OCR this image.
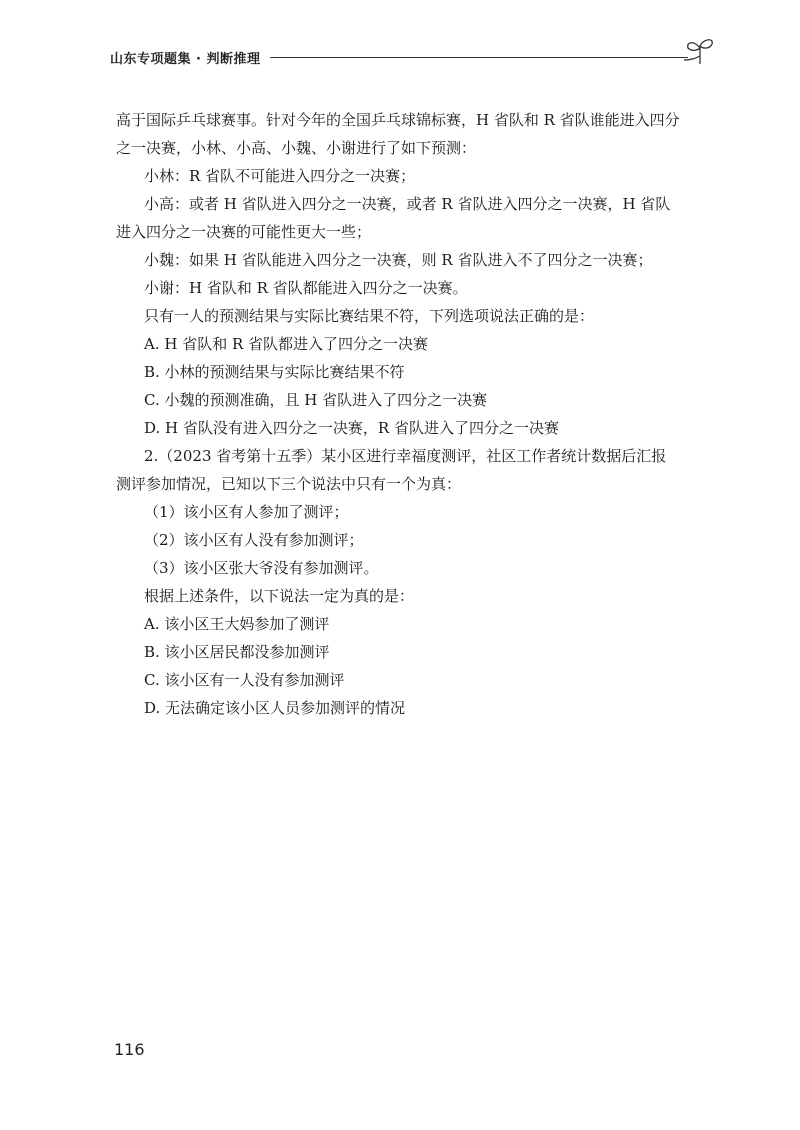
山东专项题集 · 判断推理

高于国际乒乓球赛事。针对今年的全国乒乓球锦标赛，H 省队和 R 省队谁能进入四分

之一决赛，小林、小高、小魏、小谢进行了如下预测：

小林：R 省队不可能进入四分之一决赛；

小高：或者 H 省队进入四分之一决赛，或者 R 省队进入四分之一决赛，H 省队

进入四分之一决赛的可能性更大一些；

小魏：如果 H 省队能进入四分之一决赛，则 R 省队进入不了四分之一决赛；

小谢：H 省队和 R 省队都能进入四分之一决赛。

只有一人的预测结果与实际比赛结果不符，下列选项说法正确的是：

A. H 省队和 R 省队都进入了四分之一决赛

B. 小林的预测结果与实际比赛结果不符

C. 小魏的预测准确，且 H 省队进入了四分之一决赛

D. H 省队没有进入四分之一决赛，R 省队进入了四分之一决赛

2.（2023 省考第十五季）某小区进行幸福度测评，社区工作者统计数据后汇报

测评参加情况，已知以下三个说法中只有一个为真：

（1）该小区有人参加了测评；

（2）该小区有人没有参加测评；

（3）该小区张大爷没有参加测评。

根据上述条件，以下说法一定为真的是：

A. 该小区王大妈参加了测评

B. 该小区居民都没参加测评

C. 该小区有一人没有参加测评

D. 无法确定该小区人员参加测评的情况

116
